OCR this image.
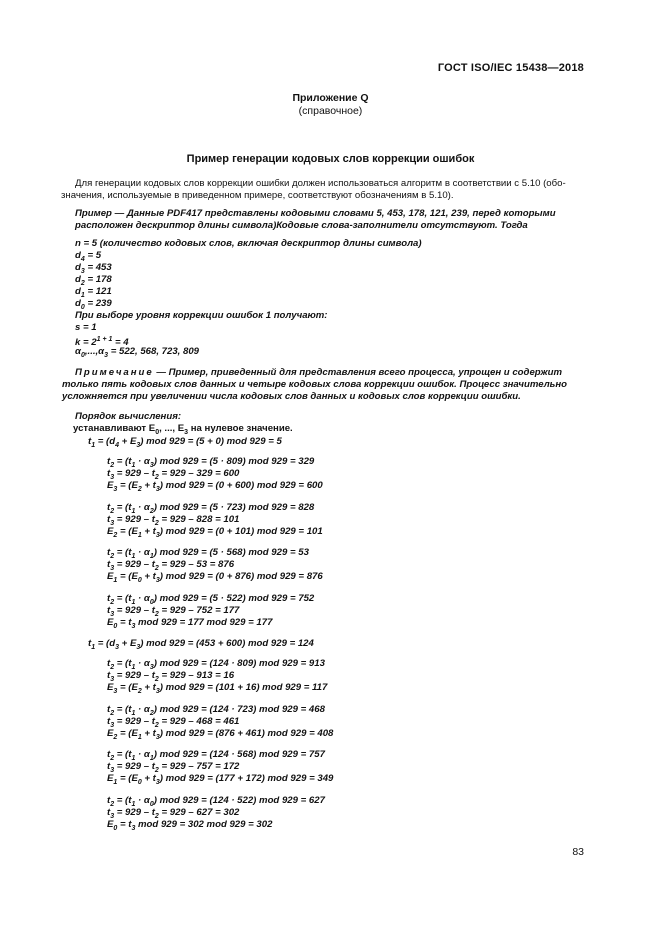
ГОСТ ISO/IEC 15438—2018
Приложение Q
(справочное)
Пример генерации кодовых слов коррекции ошибок
Для генерации кодовых слов коррекции ошибки должен использоваться алгоритм в соответствии с 5.10 (обо-
значения, используемые в приведенном примере, соответствуют обозначениям в 5.10).
Пример — Данные PDF417 представлены кодовыми словами 5, 453, 178, 121, 239, перед которыми
расположен дескриптор длины символа)Кодовые слова-заполнители отсутствуют. Тогда
n = 5 (количество кодовых слов, включая дескриптор длины символа)
$d_4 = 5$
$d_3 = 453$
$d_2 = 178$
$d_1 = 121$
$d_0 = 239$
При выборе уровня коррекции ошибок 1 получают:
s = 1
$k = 2^{1 + 1} = 4$
$\alpha_0,...,\alpha_3 = 522$, 568, 723, 809
Примечание — Пример, приведенный для представления всего процесса, упрощен и содержит
только пять кодовых слов данных и четыре кодовых слова коррекции ошибок. Процесс значительно
усложняется при увеличении числа кодовых слов данных и кодовых слов коррекции ошибки.
Порядок вычисления:
устанавливают $E_0$, ..., $E_3$ на нулевое значение.
$t_1 = (d_4 + E_3)$ mod 929 = (5 + 0) mod 929 = 5
$t_2 = (t_1 \cdot \alpha_3)$ mod 929 = (5 · 809) mod 929 = 329
$t_3 = 929 - t_2 = 929 - 329 = 600$
$E_3 = (E_2 + t_3)$ mod 929 = (0 + 600) mod 929 = 600
$t_2 = (t_1 \cdot \alpha_2)$ mod 929 = (5 · 723) mod 929 = 828
$t_3 = 929 - t_2 = 929 - 828 = 101$
$E_2 = (E_1 + t_3)$ mod 929 = (0 + 101) mod 929 = 101
$t_2 = (t_1 \cdot \alpha_1)$ mod 929 = (5 · 568) mod 929 = 53
$t_3 = 929 - t_2 = 929 - 53 = 876$
$E_1 = (E_0 + t_3)$ mod 929 = (0 + 876) mod 929 = 876
$t_2 = (t_1 \cdot \alpha_0)$ mod 929 = (5 · 522) mod 929 = 752
$t_3 = 929 - t_2 = 929 - 752 = 177$
$E_0 = t_3$ mod 929 = 177 mod 929 = 177
$t_1 = (d_3 + E_3)$ mod 929 = (453 + 600) mod 929 = 124
$t_2 = (t_1 \cdot \alpha_3)$ mod 929 = (124 · 809) mod 929 = 913
$t_3 = 929 - t_2 = 929 - 913 = 16$
$E_3 = (E_2 + t_3)$ mod 929 = (101 + 16) mod 929 = 117
$t_2 = (t_1 \cdot \alpha_2)$ mod 929 = (124 · 723) mod 929 = 468
$t_3 = 929 - t_2 = 929 - 468 = 461$
$E_2 = (E_1 + t_3)$ mod 929 = (876 + 461) mod 929 = 408
$t_2 = (t_1 \cdot \alpha_1)$ mod 929 = (124 · 568) mod 929 = 757
$t_3 = 929 - t_2 = 929 - 757 = 172$
$E_1 = (E_0 + t_3)$ mod 929 = (177 + 172) mod 929 = 349
$t_2 = (t_1 \cdot \alpha_0)$ mod 929 = (124 · 522) mod 929 = 627
$t_3 = 929 - t_2 = 929 - 627 = 302$
$E_0 = t_3$ mod 929 = 302 mod 929 = 302
83
